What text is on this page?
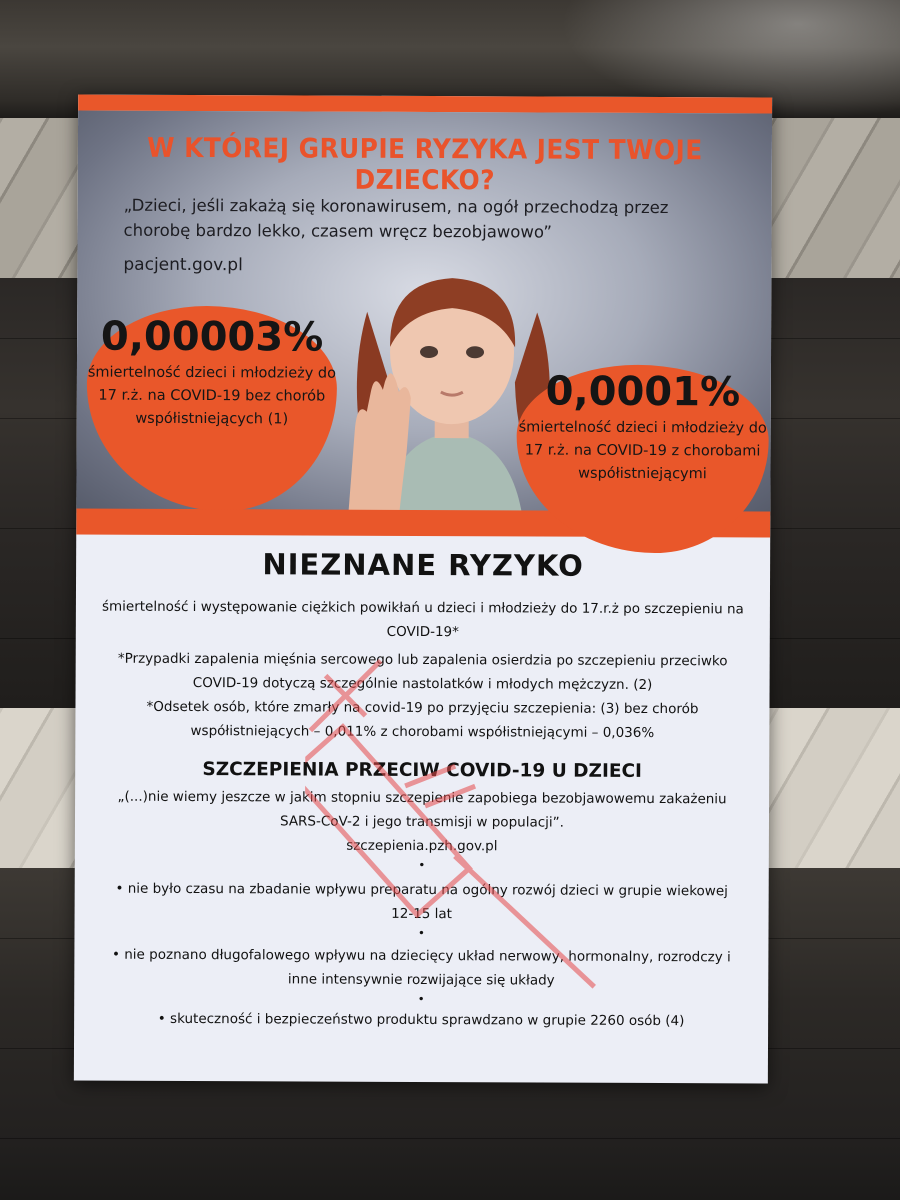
W KTÓREJ GRUPIE RYZYKA JEST TWOJE DZIECKO?
„Dzieci, jeśli zakażą się koronawirusem, na ogół przechodzą przez chorobę bardzo lekko, czasem wręcz bezobjawowo”
pacjent.gov.pl
0,00003%
śmiertelność dzieci i młodzieży do 17 r.ż. na COVID-19 bez chorób współistniejących (1)
0,0001%
śmiertelność dzieci i młodzieży do 17 r.ż. na COVID-19 z chorobami współistniejącymi
NIEZNANE RYZYKO
śmiertelność i występowanie ciężkich powikłań u dzieci i młodzieży do 17.r.ż po szczepieniu na COVID-19*
*Przypadki zapalenia mięśnia sercowego lub zapalenia osierdzia po szczepieniu przeciwko COVID-19 dotyczą szczególnie nastolatków i młodych mężczyzn. (2)
*Odsetek osób, które zmarły na covid-19 po przyjęciu szczepienia: (3) bez chorób współistniejących – 0,011% z chorobami współistniejącymi – 0,036%
SZCZEPIENIA PRZECIW COVID-19 U DZIECI
„(...)nie wiemy jeszcze w jakim stopniu szczepienie zapobiega bezobjawowemu zakażeniu SARS-CoV-2 i jego transmisji w populacji”.
szczepienia.pzh.gov.pl
•
• nie było czasu na zbadanie wpływu preparatu na ogólny rozwój dzieci w grupie wiekowej 12-15 lat
•
• nie poznano długofalowego wpływu na dziecięcy układ nerwowy, hormonalny, rozrodczy i inne intensywnie rozwijające się układy
•
• skuteczność i bezpieczeństwo produktu sprawdzano w grupie 2260 osób (4)
